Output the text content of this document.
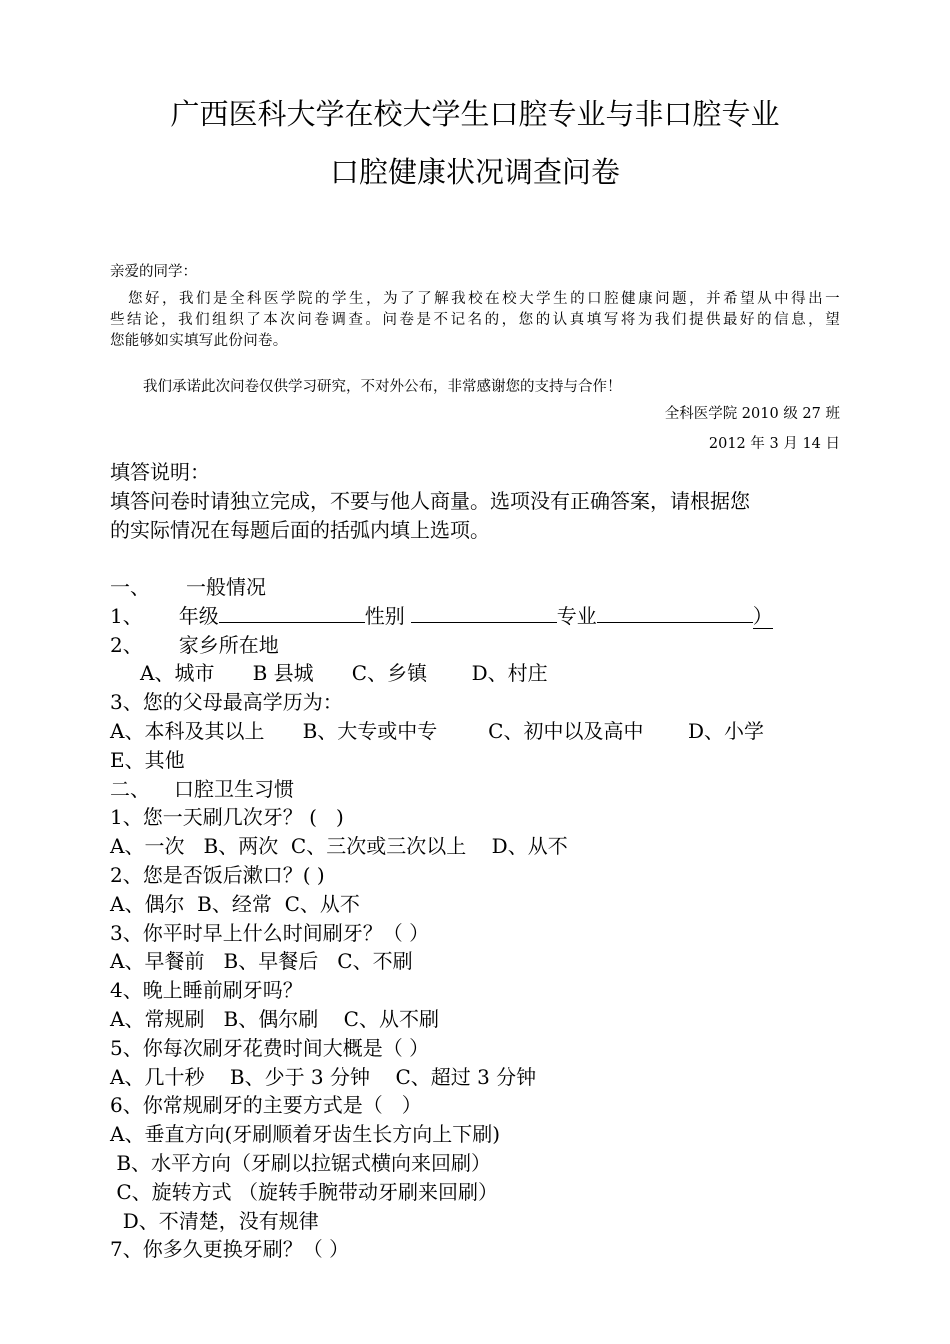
广西医科大学在校大学生口腔专业与非口腔专业
口腔健康状况调查问卷
亲爱的同学：
您好，我们是全科医学院的学生，为了了解我校在校大学生的口腔健康问题，并希望从中得出一
些结论，我们组织了本次问卷调查。问卷是不记名的，您的认真填写将为我们提供最好的信息，望
您能够如实填写此份问卷。
我们承诺此次问卷仅供学习研究，不对外公布，非常感谢您的支持与合作！
全科医学院 2010 级 27 班
2012 年 3 月 14 日
填答说明：
填答问卷时请独立完成，不要与他人商量。选项没有正确答案，请根据您
的实际情况在每题后面的括弧内填上选项。
一、 一般情况
1、 年级	性别	专业	）
2、 家乡所在地
A、城市      B 县城      C、乡镇       D、村庄
3、您的父母最高学历为：
A、本科及其以上      B、大专或中专        C、初中以及高中       D、小学
E、其他
二、 口腔卫生习惯
1、您一天刷几次牙？ (   )
A、一次   B、两次  C、三次或三次以上    D、从不
2、您是否饭后漱口？( )
A、偶尔  B、经常  C、从不
3、你平时早上什么时间刷牙？（ ）
A、早餐前   B、早餐后   C、不刷
4、晚上睡前刷牙吗？
A、常规刷   B、偶尔刷    C、从不刷
5、你每次刷牙花费时间大概是（ ）
A、几十秒    B、少于 3 分钟    C、超过 3 分钟
6、你常规刷牙的主要方式是（   ）
A、垂直方向(牙刷顺着牙齿生长方向上下刷)
B、水平方向（牙刷以拉锯式横向来回刷）
C、旋转方式 （旋转手腕带动牙刷来回刷）
D、不清楚，没有规律
7、你多久更换牙刷？（ ）
